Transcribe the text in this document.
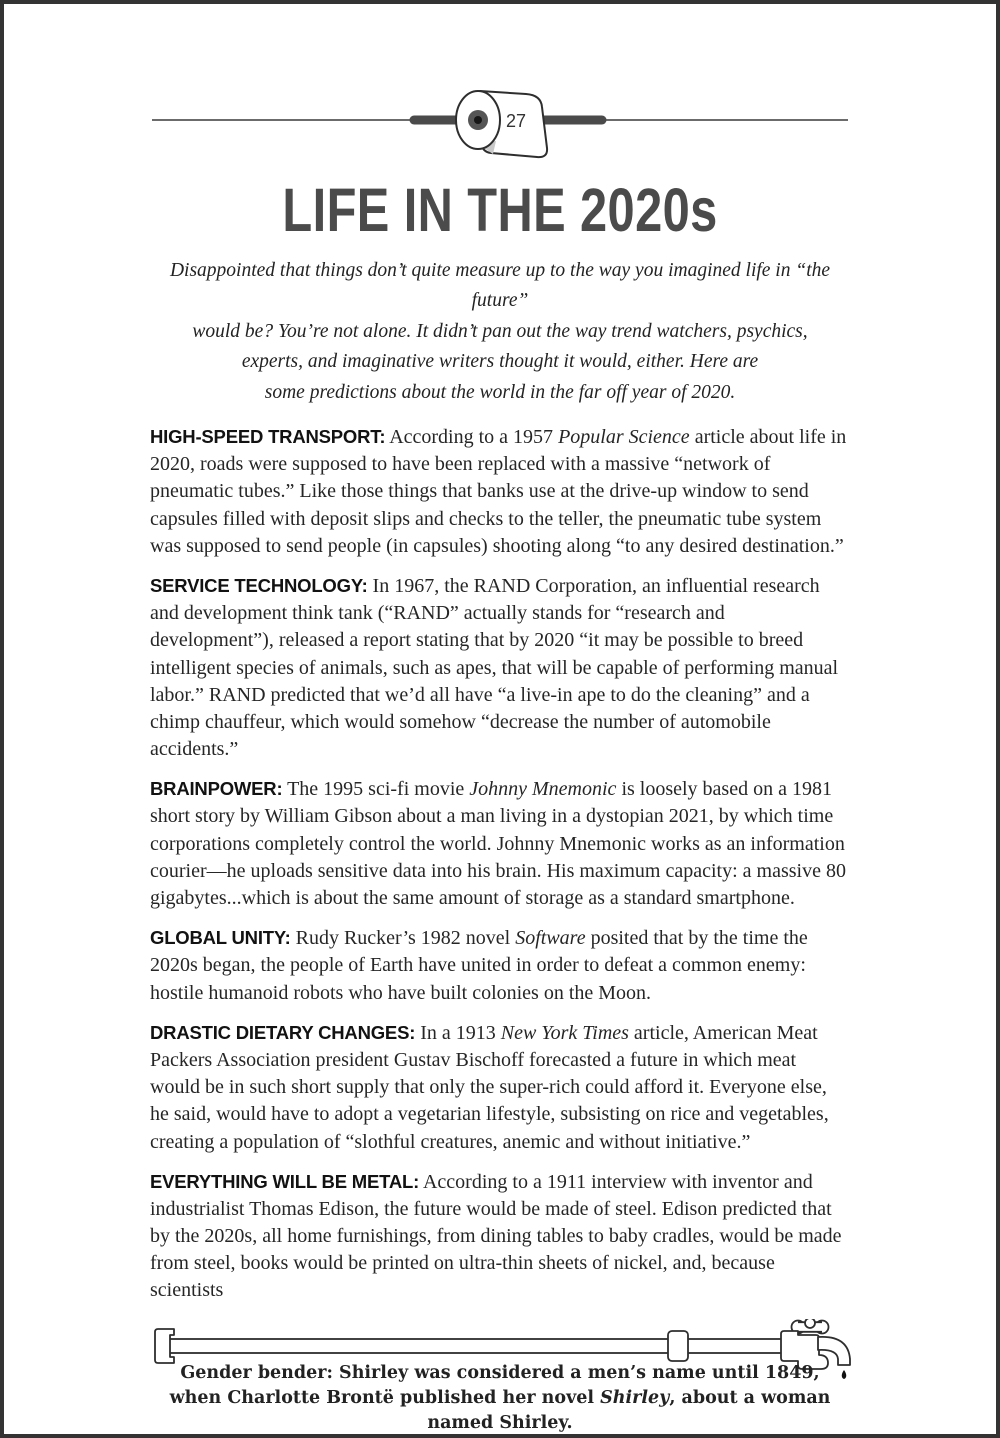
27
LIFE IN THE 2020s

Disappointed that things don’t quite measure up to the way you imagined life in “the future”
would be? You’re not alone. It didn’t pan out the way trend watchers, psychics,
experts, and imaginative writers thought it would, either. Here are
some predictions about the world in the far off year of 2020.

HIGH-SPEED TRANSPORT: According to a 1957 Popular Science article about life in 2020, roads were supposed to have been replaced with a massive “network of pneumatic tubes.” Like those things that banks use at the drive-up window to send capsules filled with deposit slips and checks to the teller, the pneumatic tube system was supposed to send people (in capsules) shooting along “to any desired destination.”

SERVICE TECHNOLOGY: In 1967, the RAND Corporation, an influential research and development think tank (“RAND” actually stands for “research and development”), released a report stating that by 2020 “it may be possible to breed intelligent species of animals, such as apes, that will be capable of performing manual labor.” RAND predicted that we’d all have “a live-in ape to do the cleaning” and a chimp chauffeur, which would somehow “decrease the number of automobile accidents.”

BRAINPOWER: The 1995 sci-fi movie Johnny Mnemonic is loosely based on a 1981 short story by William Gibson about a man living in a dystopian 2021, by which time corporations completely control the world. Johnny Mnemonic works as an information courier—he uploads sensitive data into his brain. His maximum capacity: a massive 80 gigabytes...which is about the same amount of storage as a standard smartphone.

GLOBAL UNITY: Rudy Rucker’s 1982 novel Software posited that by the time the 2020s began, the people of Earth have united in order to defeat a common enemy: hostile humanoid robots who have built colonies on the Moon.

DRASTIC DIETARY CHANGES: In a 1913 New York Times article, American Meat Packers Association president Gustav Bischoff forecasted a future in which meat would be in such short supply that only the super-rich could afford it. Everyone else, he said, would have to adopt a vegetarian lifestyle, subsisting on rice and vegetables, creating a population of “slothful creatures, anemic and without initiative.”

EVERYTHING WILL BE METAL: According to a 1911 interview with inventor and industrialist Thomas Edison, the future would be made of steel. Edison predicted that by the 2020s, all home furnishings, from dining tables to baby cradles, would be made from steel, books would be printed on ultra-thin sheets of nickel, and, because scientists

Gender bender: Shirley was considered a men’s name until 1849,
when Charlotte Brontë published her novel Shirley, about a woman named Shirley.
